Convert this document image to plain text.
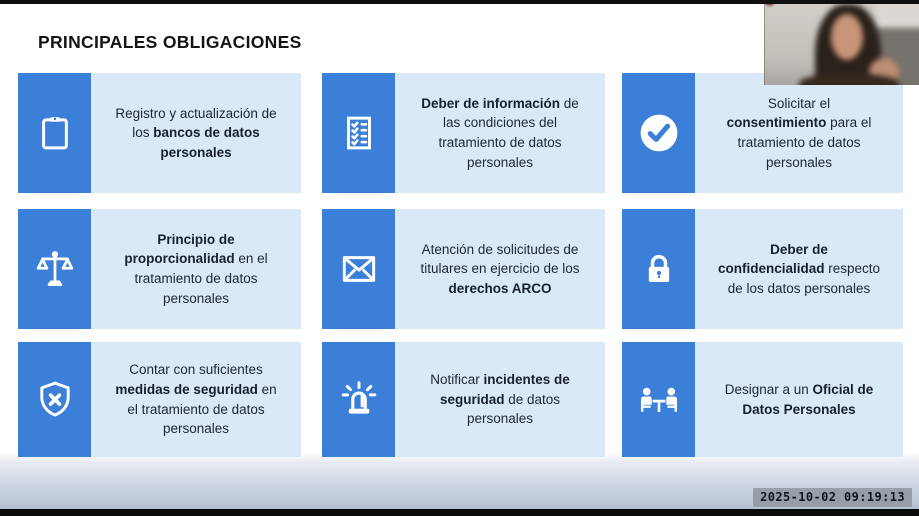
PRINCIPALES OBLIGACIONES
Registro y actualización de los bancos de datos personales
Deber de información de las condiciones del tratamiento de datos personales
Solicitar el consentimiento para el tratamiento de datos personales
Principio de proporcionalidad en el tratamiento de datos personales
Atención de solicitudes de titulares en ejercicio de los derechos ARCO
Deber de confidencialidad respecto de los datos personales
Contar con suficientes medidas de seguridad en el tratamiento de datos personales
Notificar incidentes de seguridad de datos personales
Designar a un Oficial de Datos Personales
2025-10-02 09:19:13
